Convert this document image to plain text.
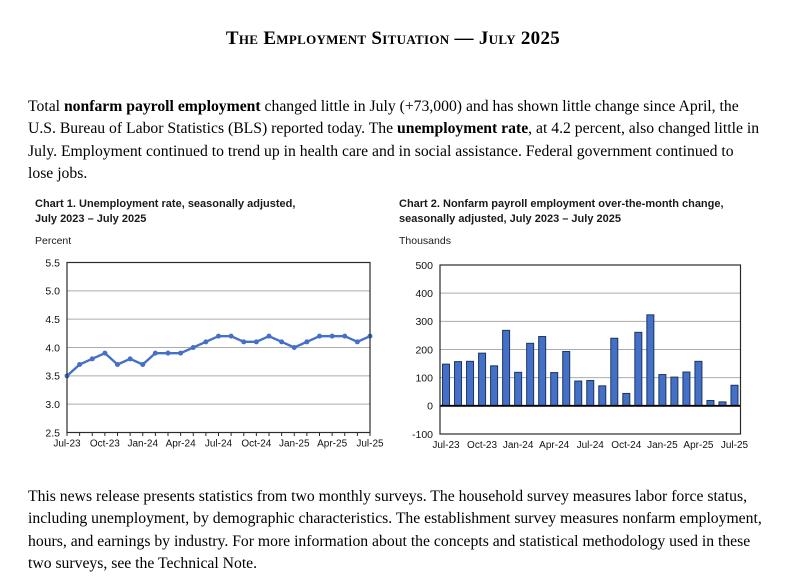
The Employment Situation — July 2025

Total nonfarm payroll employment changed little in July (+73,000) and has shown little change since April, the U.S. Bureau of Labor Statistics (BLS) reported today. The unemployment rate, at 4.2 percent, also changed little in July. Employment continued to trend up in health care and in social assistance. Federal government continued to lose jobs.

Chart 1. Unemployment rate, seasonally adjusted,
July 2023 – July 2025
Percent
2.5
3.0
3.5
4.0
4.5
5.0
5.5
Jul-23 Oct-23 Jan-24 Apr-24 Jul-24 Oct-24 Jan-25 Apr-25 Jul-25
Chart 2. Nonfarm payroll employment over-the-month change,
seasonally adjusted, July 2023 – July 2025
Thousands
-100
0
100
200
300
400
500
Jul-23 Oct-23 Jan-24 Apr-24 Jul-24 Oct-24 Jan-25 Apr-25 Jul-25

This news release presents statistics from two monthly surveys. The household survey measures labor force status, including unemployment, by demographic characteristics. The establishment survey measures nonfarm employment, hours, and earnings by industry. For more information about the concepts and statistical methodology used in these two surveys, see the Technical Note.
